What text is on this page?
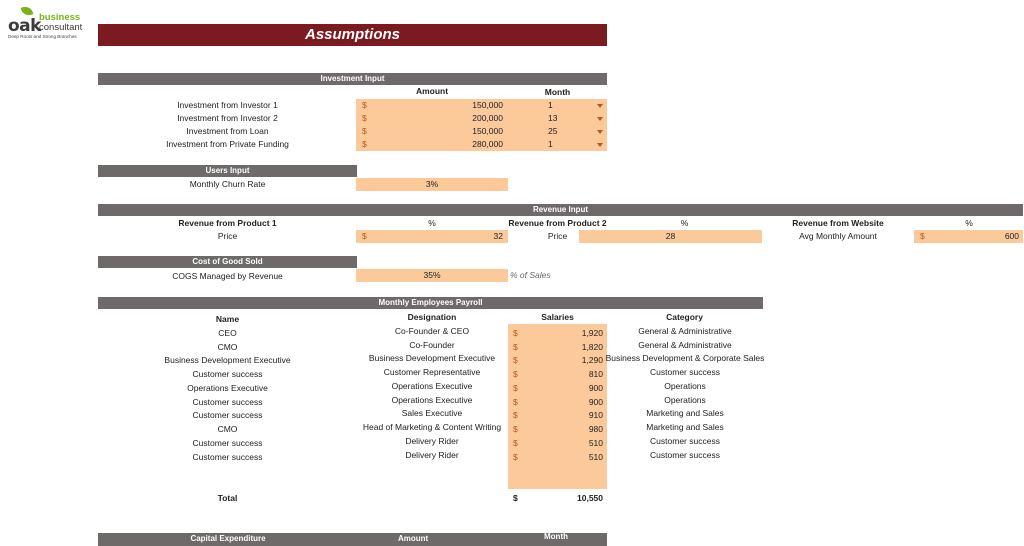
oak
business
consultant
Deep Roots and Strong Branches	Assumptions
Investment Input
Amount	Month
Investment from Investor 1	$	150,000	1
Investment from Investor 2	$	200,000	13
Investment from Loan	$	150,000	25
Investment from Private Funding	$	280,000	1
Users Input
Monthly Churn Rate	3%
Revenue Input
Revenue from Product 1	%	Revenue from Product 2	%	Revenue from Website	%
Price	$	32	Price	28	Avg Monthly Amount	$	600
Cost of Good Sold
COGS Managed by Revenue	35%	% of Sales
Monthly Employees Payroll
Name	Designation	Salaries	Category
CEO	Co-Founder & CEO	$	1,920	General & Administrative
CMO	Co-Founder	$	1,820	General & Administrative
Business Development Executive	Business Development Executive	$	1,290 Business Development & Corporate Sales
Customer success	Customer Representative	$	810	Customer success
Operations Executive	Operations Executive	$	900	Operations
Customer success	Operations Executive	$	900	Operations
Customer success	Sales Executive	$	910	Marketing and Sales
CMO	Head of Marketing & Content Writing	$	980	Marketing and Sales
Customer success	Delivery Rider	$	510	Customer success
Customer success	Delivery Rider	$	510	Customer success
Total	$	10,550
Capital Expenditure	Amount	Month
